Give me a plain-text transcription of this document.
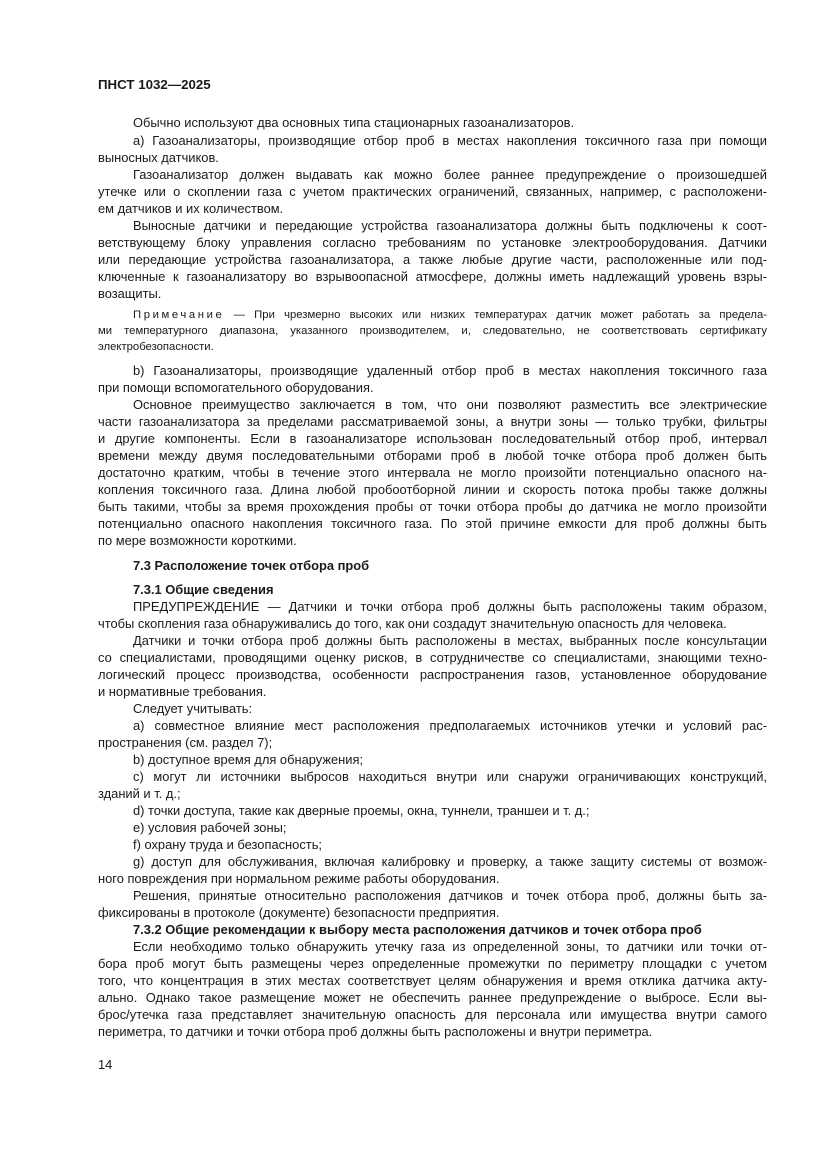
ПНСТ 1032—2025
Обычно используют два основных типа стационарных газоанализаторов.
а) Газоанализаторы, производящие отбор проб в местах накопления токсичного газа при помощи
выносных датчиков.
Газоанализатор должен выдавать как можно более раннее предупреждение о произошедшей
утечке или о скоплении газа с учетом практических ограничений, связанных, например, с расположени-
ем датчиков и их количеством.
Выносные датчики и передающие устройства газоанализатора должны быть подключены к соот-
ветствующему блоку управления согласно требованиям по установке электрооборудования. Датчики
или передающие устройства газоанализатора, а также любые другие части, расположенные или под-
ключенные к газоанализатору во взрывоопасной атмосфере, должны иметь надлежащий уровень взры-
возащиты.
Примечание — При чрезмерно высоких или низких температурах датчик может работать за предела-
ми температурного диапазона, указанного производителем, и, следовательно, не соответствовать сертификату
электробезопасности.
b) Газоанализаторы, производящие удаленный отбор проб в местах накопления токсичного газа
при помощи вспомогательного оборудования.
Основное преимущество заключается в том, что они позволяют разместить все электрические
части газоанализатора за пределами рассматриваемой зоны, а внутри зоны — только трубки, фильтры
и другие компоненты. Если в газоанализаторе использован последовательный отбор проб, интервал
времени между двумя последовательными отборами проб в любой точке отбора проб должен быть
достаточно кратким, чтобы в течение этого интервала не могло произойти потенциально опасного на-
копления токсичного газа. Длина любой пробоотборной линии и скорость потока пробы также должны
быть такими, чтобы за время прохождения пробы от точки отбора пробы до датчика не могло произойти
потенциально опасного накопления токсичного газа. По этой причине емкости для проб должны быть
по мере возможности короткими.
7.3 Расположение точек отбора проб
7.3.1 Общие сведения
ПРЕДУПРЕЖДЕНИЕ — Датчики и точки отбора проб должны быть расположены таким образом,
чтобы скопления газа обнаруживались до того, как они создадут значительную опасность для человека.
Датчики и точки отбора проб должны быть расположены в местах, выбранных после консультации
со специалистами, проводящими оценку рисков, в сотрудничестве со специалистами, знающими техно-
логический процесс производства, особенности распространения газов, установленное оборудование
и нормативные требования.
Следует учитывать:
а) совместное влияние мест расположения предполагаемых источников утечки и условий рас-
пространения (см. раздел 7);
b) доступное время для обнаружения;
с) могут ли источники выбросов находиться внутри или снаружи ограничивающих конструкций,
зданий и т. д.;
d) точки доступа, такие как дверные проемы, окна, туннели, траншеи и т. д.;
е) условия рабочей зоны;
f) охрану труда и безопасность;
g) доступ для обслуживания, включая калибровку и проверку, а также защиту системы от возмож-
ного повреждения при нормальном режиме работы оборудования.
Решения, принятые относительно расположения датчиков и точек отбора проб, должны быть за-
фиксированы в протоколе (документе) безопасности предприятия.
7.3.2 Общие рекомендации к выбору места расположения датчиков и точек отбора проб
Если необходимо только обнаружить утечку газа из определенной зоны, то датчики или точки от-
бора проб могут быть размещены через определенные промежутки по периметру площадки с учетом
того, что концентрация в этих местах соответствует целям обнаружения и время отклика датчика акту-
ально. Однако такое размещение может не обеспечить раннее предупреждение о выбросе. Если вы-
брос/утечка газа представляет значительную опасность для персонала или имущества внутри самого
периметра, то датчики и точки отбора проб должны быть расположены и внутри периметра.
14
